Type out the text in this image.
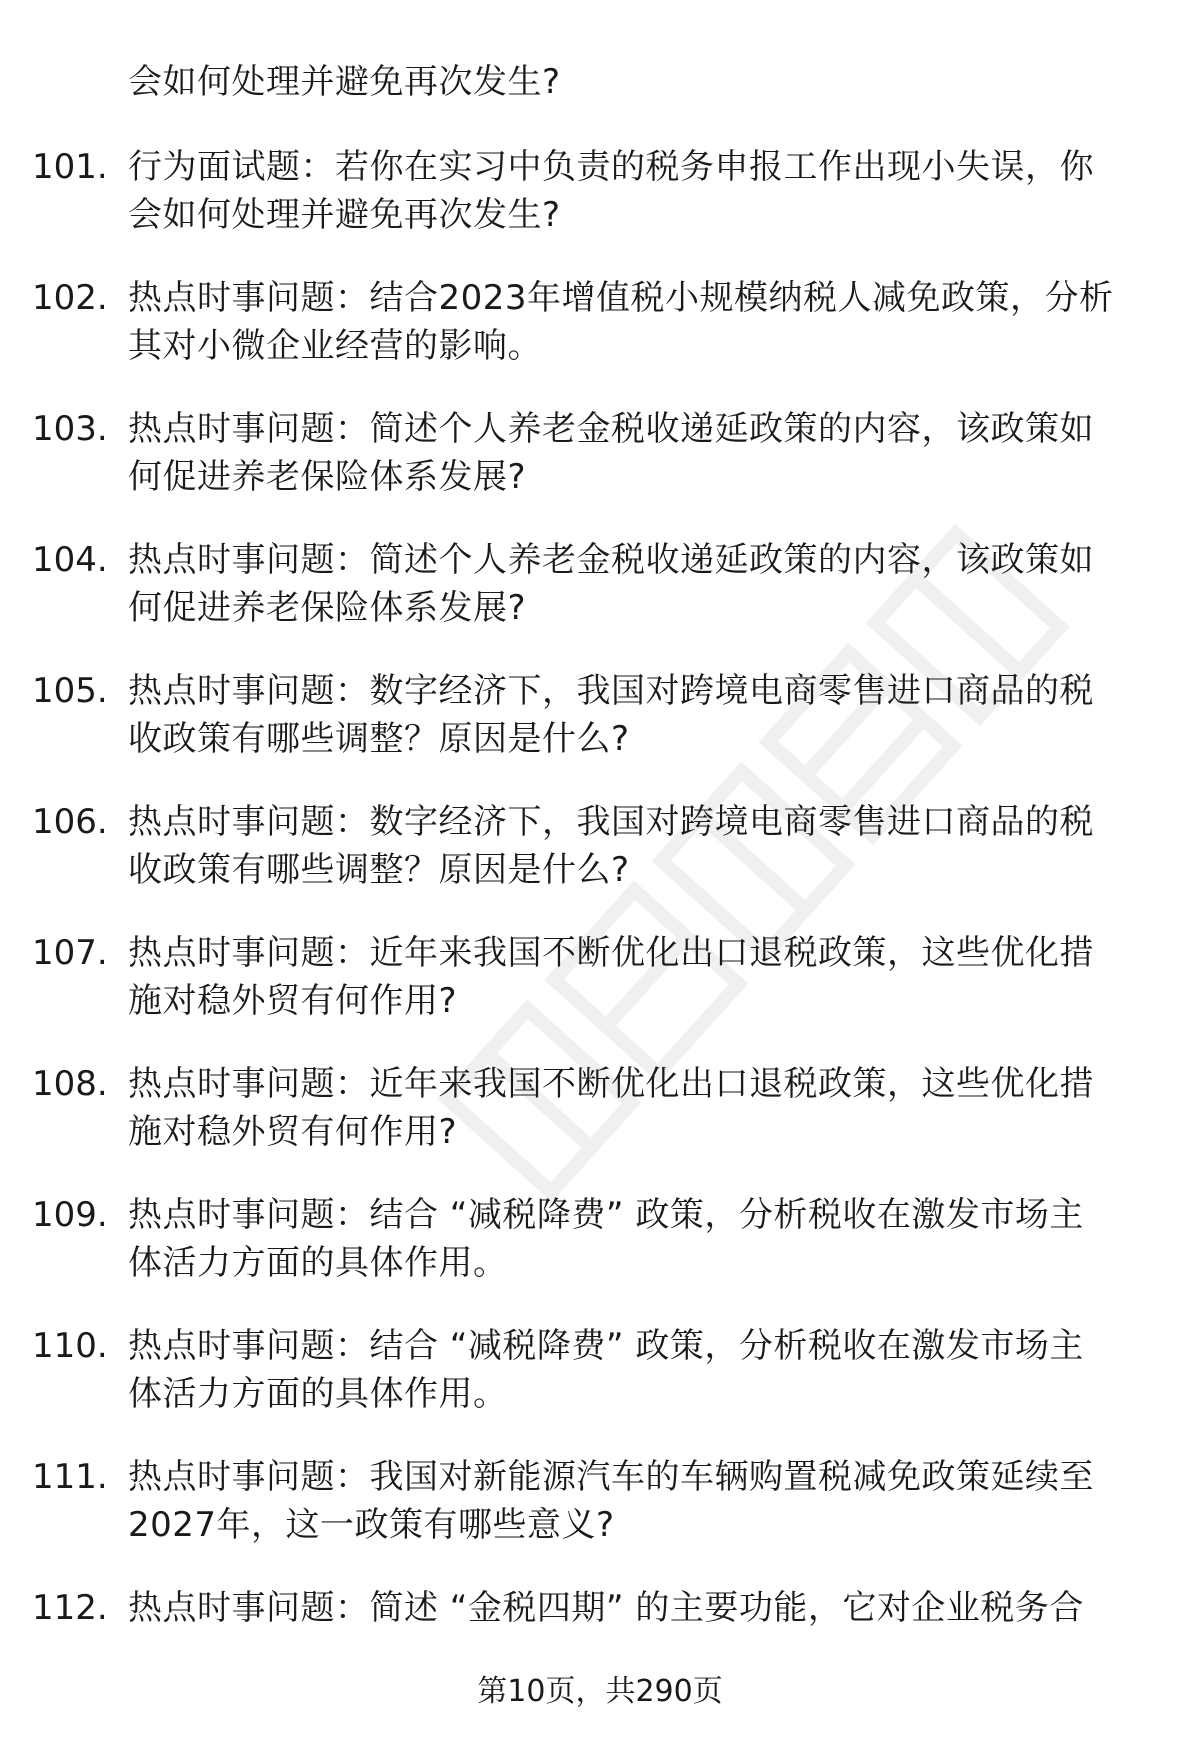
会如何处理并避免再次发生?
101. 行为面试题：若你在实习中负责的税务申报工作出现小失误，你
会如何处理并避免再次发生?
102. 热点时事问题：结合2023年增值税小规模纳税人减免政策，分析
其对小微企业经营的影响。
103. 热点时事问题：简述个人养老金税收递延政策的内容，该政策如
何促进养老保险体系发展?
104. 热点时事问题：简述个人养老金税收递延政策的内容，该政策如
何促进养老保险体系发展?
105. 热点时事问题：数字经济下，我国对跨境电商零售进口商品的税
收政策有哪些调整？原因是什么?
106. 热点时事问题：数字经济下，我国对跨境电商零售进口商品的税
收政策有哪些调整？原因是什么?
107. 热点时事问题：近年来我国不断优化出口退税政策，这些优化措
施对稳外贸有何作用?
108. 热点时事问题：近年来我国不断优化出口退税政策，这些优化措
施对稳外贸有何作用?
109. 热点时事问题：结合 “减税降费” 政策，分析税收在激发市场主
体活力方面的具体作用。
110. 热点时事问题：结合 “减税降费” 政策，分析税收在激发市场主
体活力方面的具体作用。
111. 热点时事问题：我国对新能源汽车的车辆购置税减免政策延续至
2027年，这一政策有哪些意义?
112. 热点时事问题：简述 “金税四期” 的主要功能，它对企业税务合
第10页，共290页
